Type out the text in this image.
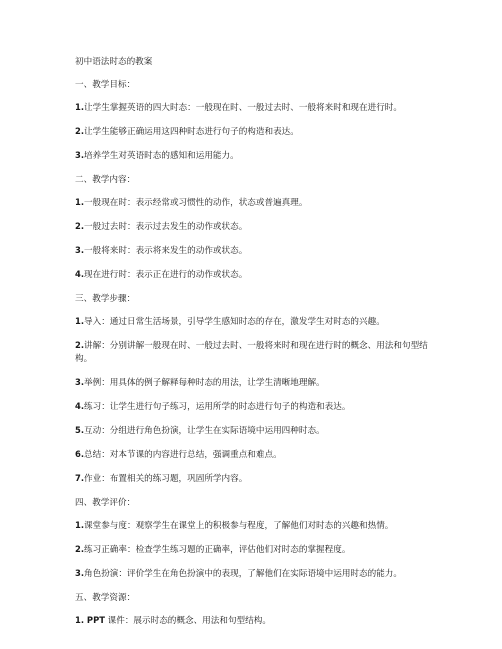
初中语法时态的教案
一、教学目标：
1.让学生掌握英语的四大时态：一般现在时、一般过去时、一般将来时和现在进行时。
2.让学生能够正确运用这四种时态进行句子的构造和表达。
3.培养学生对英语时态的感知和运用能力。
二、教学内容：
1.一般现在时：表示经常或习惯性的动作，状态或普遍真理。
2.一般过去时：表示过去发生的动作或状态。
3.一般将来时：表示将来发生的动作或状态。
4.现在进行时：表示正在进行的动作或状态。
三、教学步骤：
1.导入：通过日常生活场景，引导学生感知时态的存在，激发学生对时态的兴趣。
2.讲解：分别讲解一般现在时、一般过去时、一般将来时和现在进行时的概念、用法和句型结构。
3.举例：用具体的例子解释每种时态的用法，让学生清晰地理解。
4.练习：让学生进行句子练习，运用所学的时态进行句子的构造和表达。
5.互动：分组进行角色扮演，让学生在实际语境中运用四种时态。
6.总结：对本节课的内容进行总结，强调重点和难点。
7.作业：布置相关的练习题，巩固所学内容。
四、教学评价：
1.课堂参与度：观察学生在课堂上的积极参与程度，了解他们对时态的兴趣和热情。
2.练习正确率：检查学生练习题的正确率，评估他们对时态的掌握程度。
3.角色扮演：评价学生在角色扮演中的表现，了解他们在实际语境中运用时态的能力。
五、教学资源：
1. PPT 课件：展示时态的概念、用法和句型结构。
